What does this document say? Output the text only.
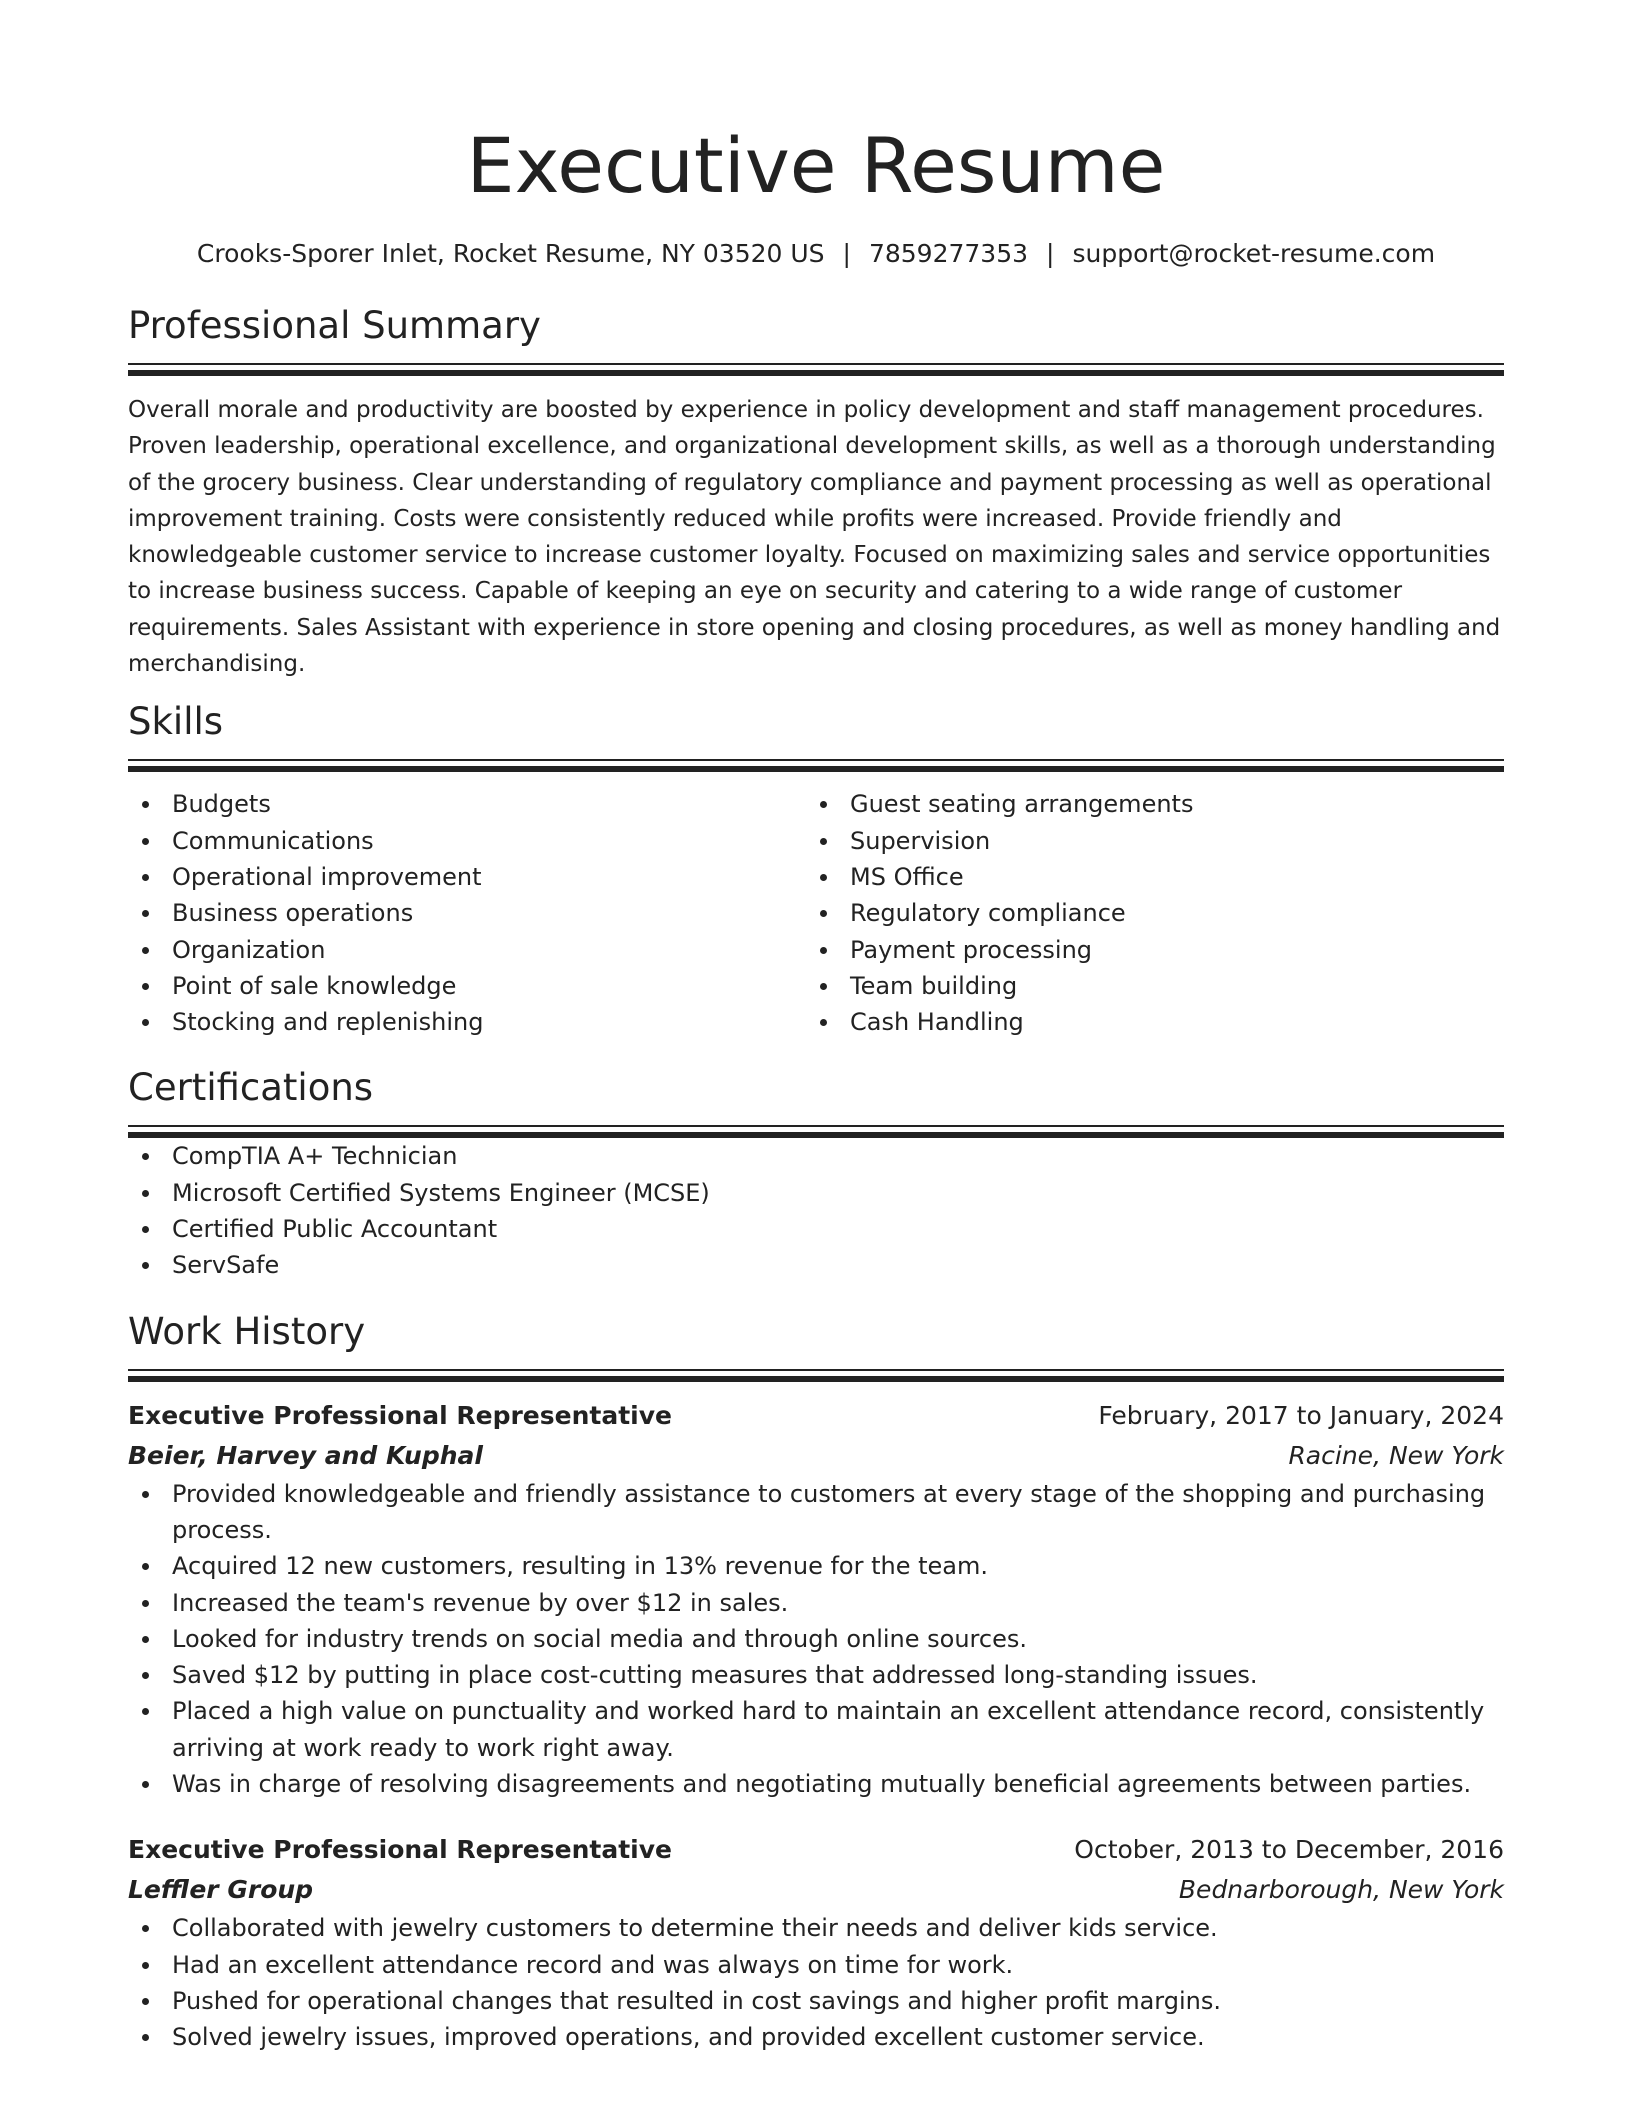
Executive Resume
Crooks-Sporer Inlet, Rocket Resume, NY 03520 US | 7859277353 | support@rocket-resume.com
Professional Summary

Overall morale and productivity are boosted by experience in policy development and staff management procedures. Proven leadership, operational excellence, and organizational development skills, as well as a thorough understanding of the grocery business. Clear understanding of regulatory compliance and payment processing as well as operational improvement training. Costs were consistently reduced while profits were increased. Provide friendly and knowledgeable customer service to increase customer loyalty. Focused on maximizing sales and service opportunities to increase business success. Capable of keeping an eye on security and catering to a wide range of customer requirements. Sales Assistant with experience in store opening and closing procedures, as well as money handling and merchandising.

Skills
Budgets
Communications
Operational improvement
Business operations
Organization
Point of sale knowledge
Stocking and replenishing
Guest seating arrangements
Supervision
MS Office
Regulatory compliance
Payment processing
Team building
Cash Handling
Certifications
CompTIA A+ Technician
Microsoft Certified Systems Engineer (MCSE)
Certified Public Accountant
ServSafe
Work History
Executive Professional Representative	February, 2017 to January, 2024
Beier, Harvey and Kuphal	Racine, New York
Provided knowledgeable and friendly assistance to customers at every stage of the shopping and purchasing process.
Acquired 12 new customers, resulting in 13% revenue for the team.
Increased the team's revenue by over $12 in sales.
Looked for industry trends on social media and through online sources.
Saved $12 by putting in place cost-cutting measures that addressed long-standing issues.
Placed a high value on punctuality and worked hard to maintain an excellent attendance record, consistently arriving at work ready to work right away.
Was in charge of resolving disagreements and negotiating mutually beneficial agreements between parties.
Executive Professional Representative	October, 2013 to December, 2016
Leffler Group	Bednarborough, New York
Collaborated with jewelry customers to determine their needs and deliver kids service.
Had an excellent attendance record and was always on time for work.
Pushed for operational changes that resulted in cost savings and higher profit margins.
Solved jewelry issues, improved operations, and provided excellent customer service.
